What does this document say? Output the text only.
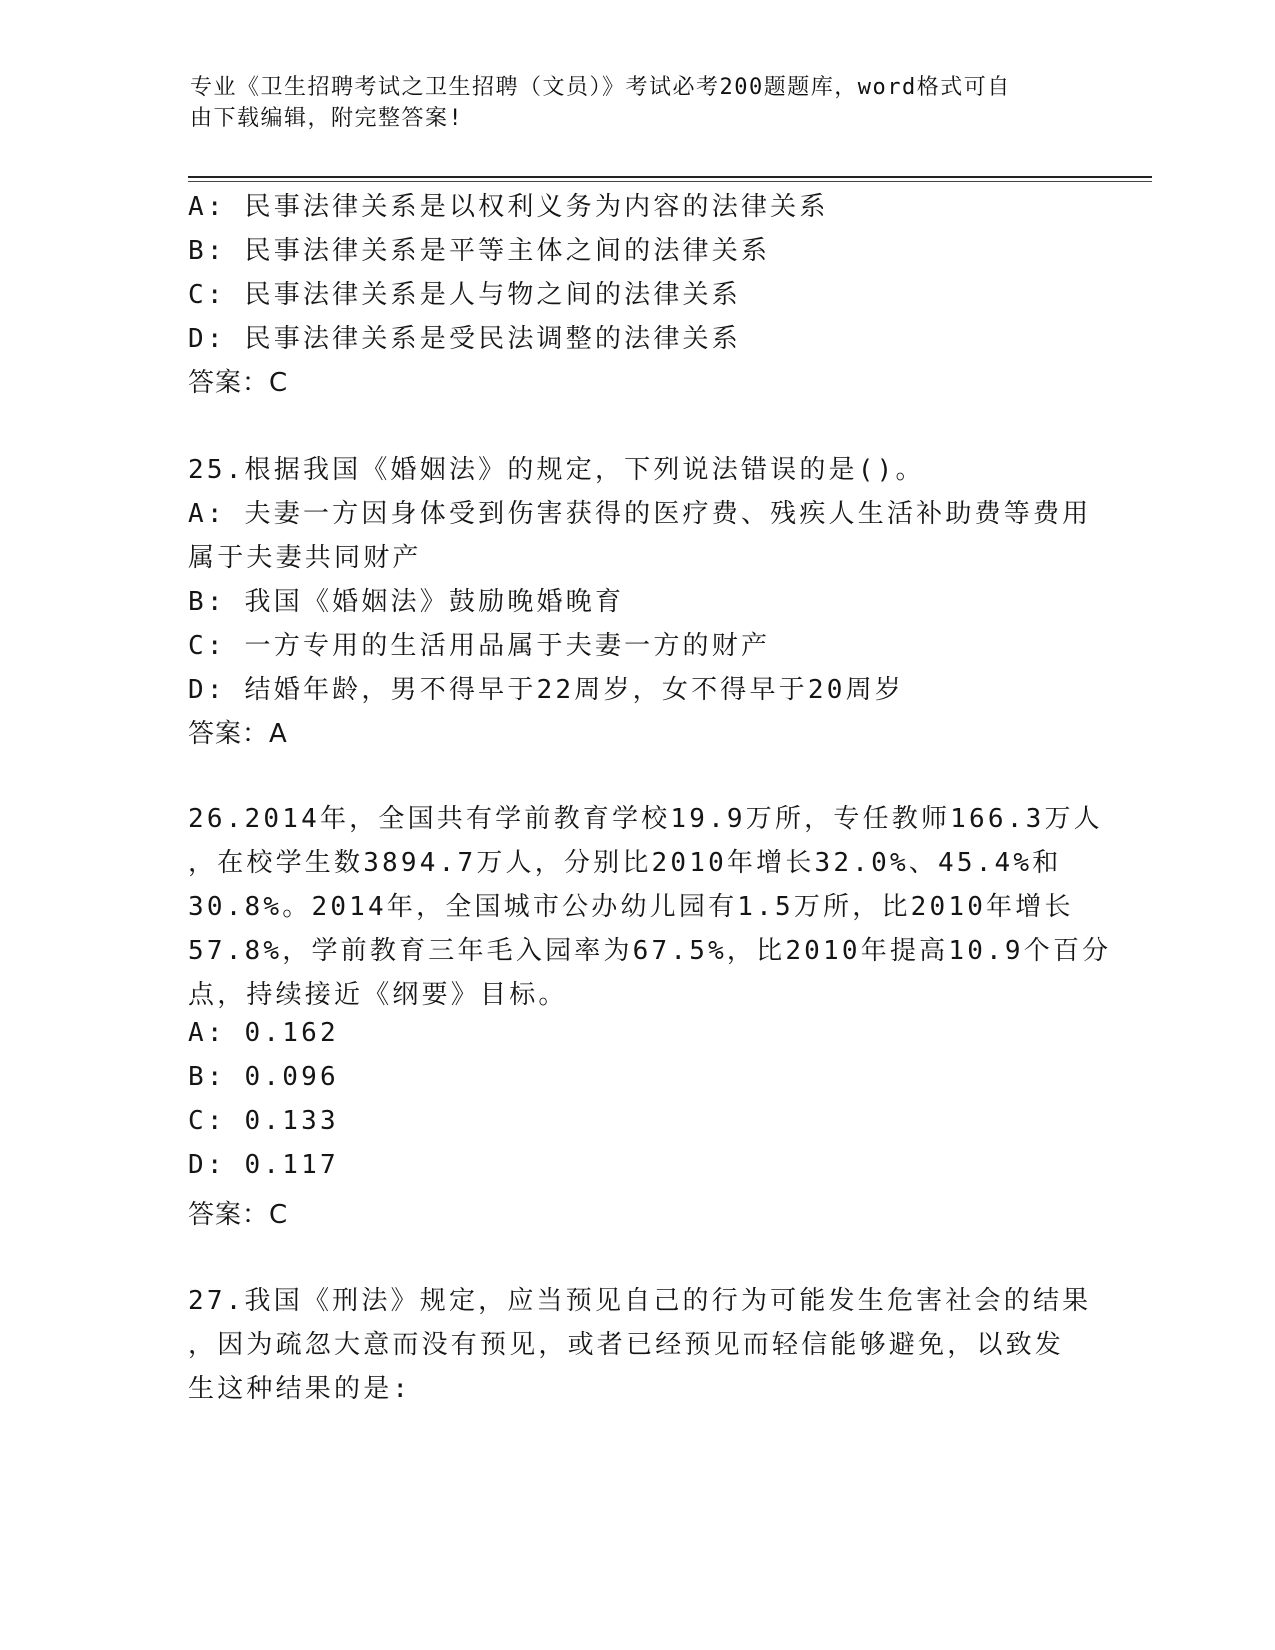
专业《卫生招聘考试之卫生招聘（文员）》考试必考200题题库，word格式可自
由下载编辑，附完整答案!
A: 民事法律关系是以权利义务为内容的法律关系
B: 民事法律关系是平等主体之间的法律关系
C: 民事法律关系是人与物之间的法律关系
D: 民事法律关系是受民法调整的法律关系
答案：C
25.根据我国《婚姻法》的规定，下列说法错误的是()。
A: 夫妻一方因身体受到伤害获得的医疗费、残疾人生活补助费等费用
属于夫妻共同财产
B: 我国《婚姻法》鼓励晚婚晚育
C: 一方专用的生活用品属于夫妻一方的财产
D: 结婚年龄，男不得早于22周岁，女不得早于20周岁
答案：A
26.2014年，全国共有学前教育学校19.9万所，专任教师166.3万人
，在校学生数3894.7万人，分别比2010年增长32.0%、45.4%和
30.8%。2014年，全国城市公办幼儿园有1.5万所，比2010年增长
57.8%，学前教育三年毛入园率为67.5%，比2010年提高10.9个百分
点，持续接近《纲要》目标。
A: 0.162
B: 0.096
C: 0.133
D: 0.117
答案：C
27.我国《刑法》规定，应当预见自己的行为可能发生危害社会的结果
，因为疏忽大意而没有预见，或者已经预见而轻信能够避免，以致发
生这种结果的是:
